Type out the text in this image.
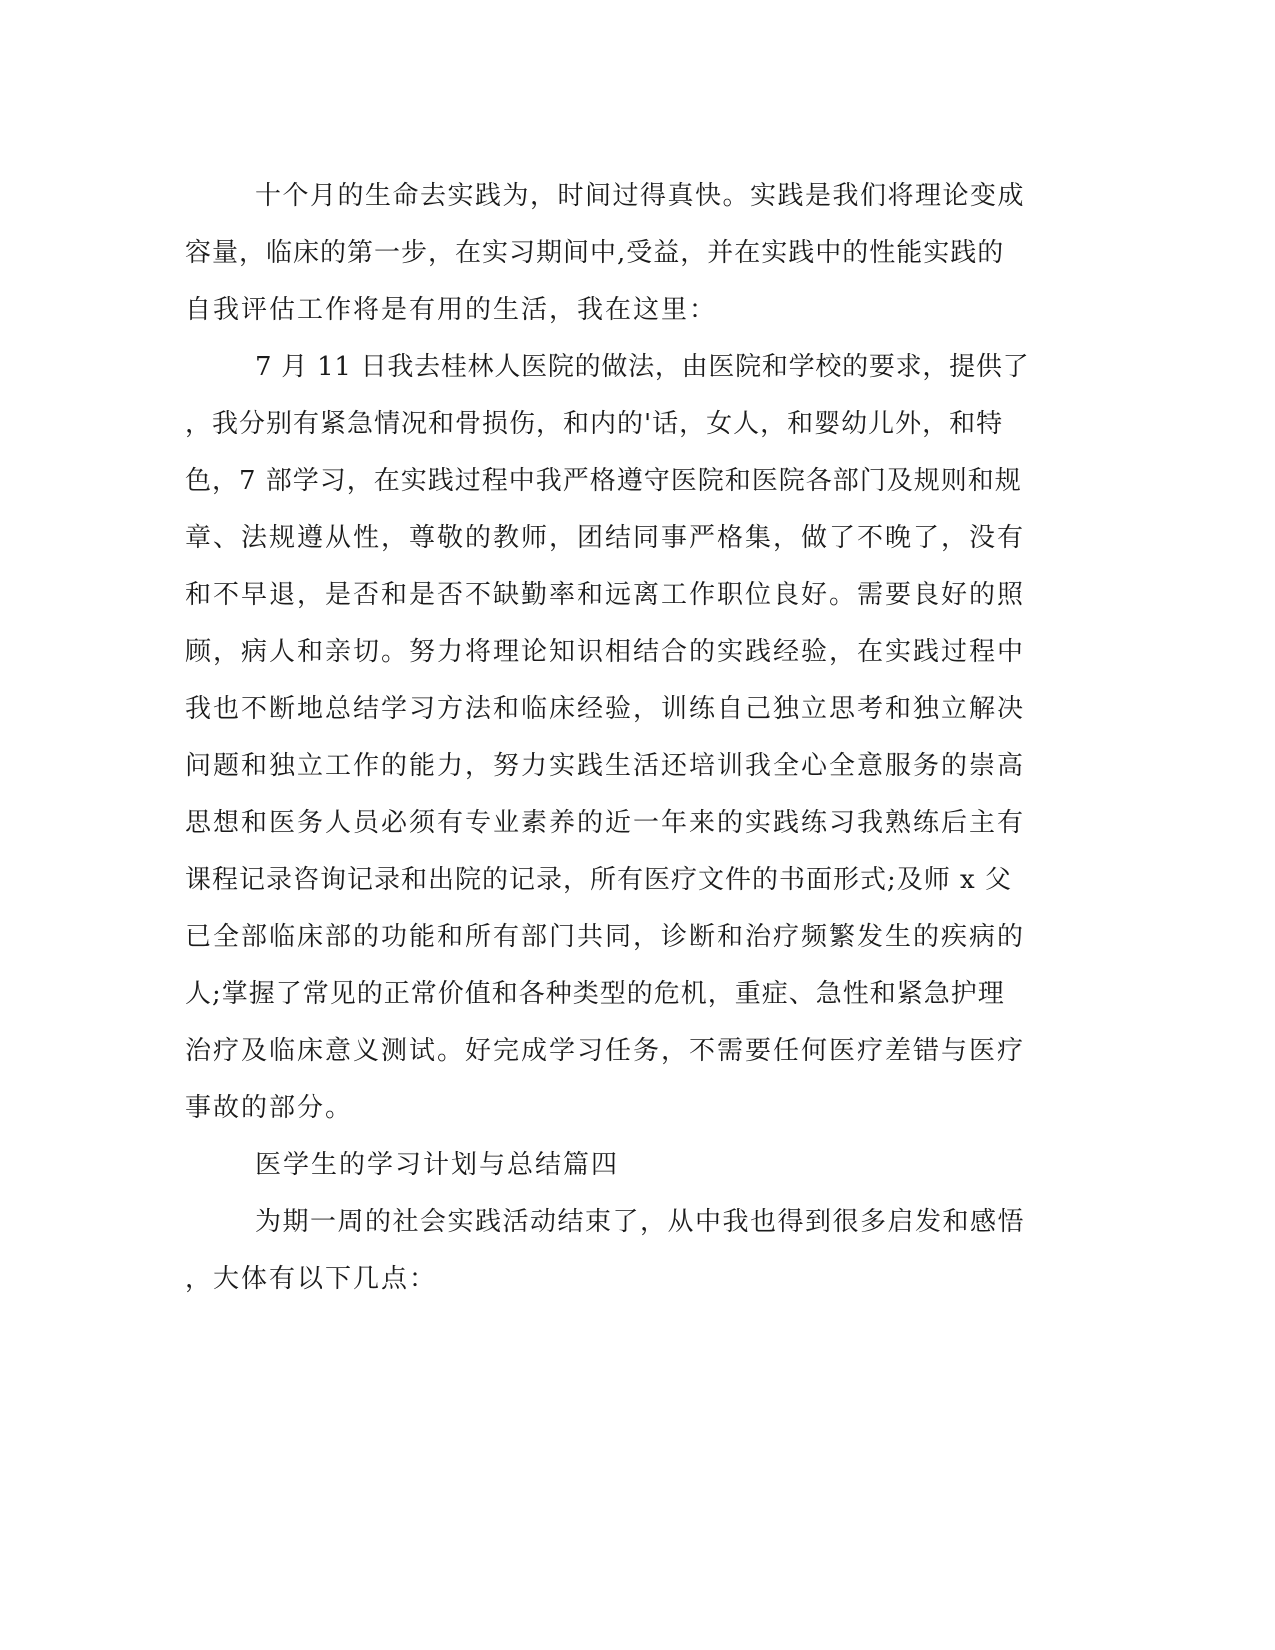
十个月的生命去实践为，时间过得真快。实践是我们将理论变成
容量，临床的第一步，在实习期间中,受益，并在实践中的性能实践的
自我评估工作将是有用的生活，我在这里：
7 月 11 日我去桂林人医院的做法，由医院和学校的要求，提供了
，我分别有紧急情况和骨损伤，和内的'话，女人，和婴幼儿外，和特
色，7 部学习，在实践过程中我严格遵守医院和医院各部门及规则和规
章、法规遵从性，尊敬的教师，团结同事严格集，做了不晚了，没有
和不早退，是否和是否不缺勤率和远离工作职位良好。需要良好的照
顾，病人和亲切。努力将理论知识相结合的实践经验，在实践过程中
我也不断地总结学习方法和临床经验，训练自己独立思考和独立解决
问题和独立工作的能力，努力实践生活还培训我全心全意服务的崇高
思想和医务人员必须有专业素养的近一年来的实践练习我熟练后主有
课程记录咨询记录和出院的记录，所有医疗文件的书面形式;及师 x 父
已全部临床部的功能和所有部门共同，诊断和治疗频繁发生的疾病的
人;掌握了常见的正常价值和各种类型的危机，重症、急性和紧急护理
治疗及临床意义测试。好完成学习任务，不需要任何医疗差错与医疗
事故的部分。
医学生的学习计划与总结篇四
为期一周的社会实践活动结束了，从中我也得到很多启发和感悟
，大体有以下几点：
